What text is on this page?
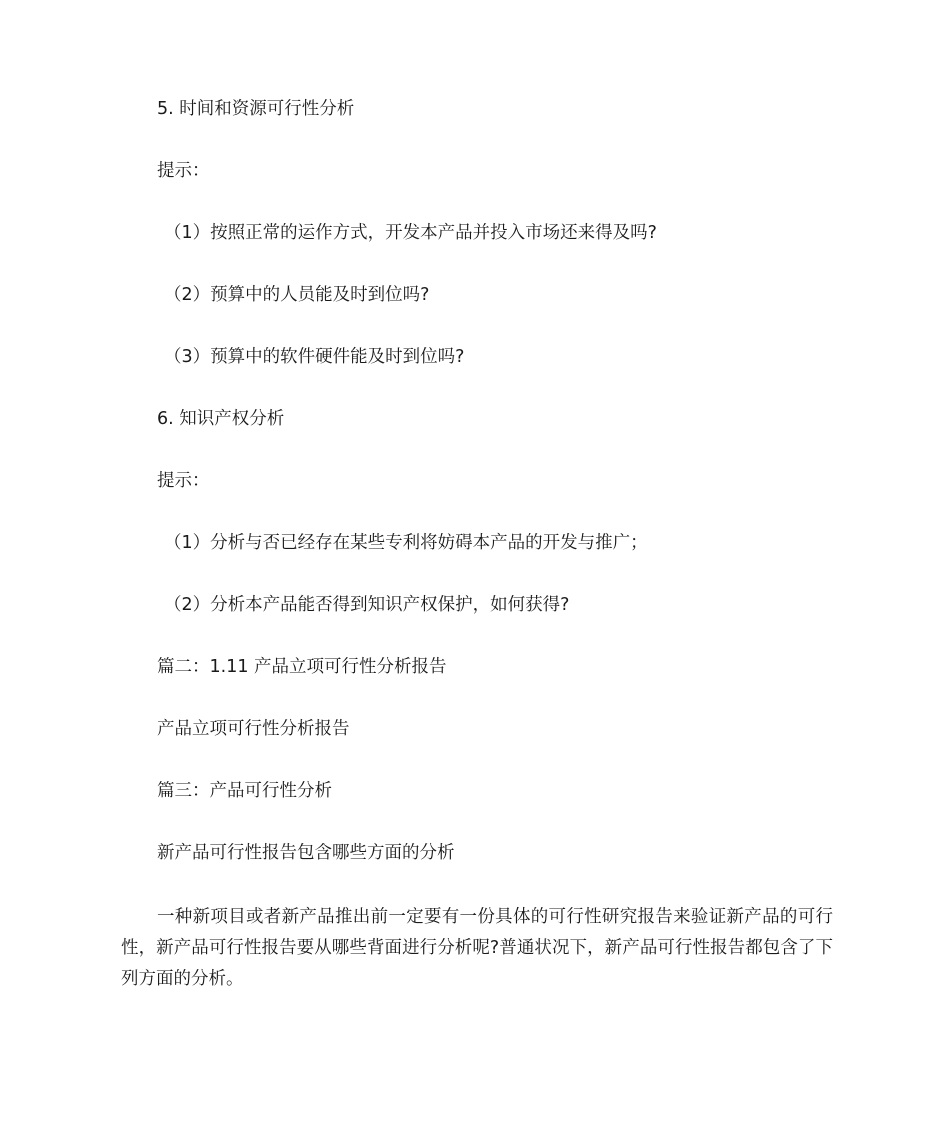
5. 时间和资源可行性分析
提示：
（1）按照正常的运作方式，开发本产品并投入市场还来得及吗?
（2）预算中的人员能及时到位吗?
（3）预算中的软件硬件能及时到位吗?
6. 知识产权分析
提示：
（1）分析与否已经存在某些专利将妨碍本产品的开发与推广；
（2）分析本产品能否得到知识产权保护，如何获得?
篇二：1.11 产品立项可行性分析报告
产品立项可行性分析报告
篇三：产品可行性分析
新产品可行性报告包含哪些方面的分析
一种新项目或者新产品推出前一定要有一份具体的可行性研究报告来验证新产品的可行性，新产品可行性报告要从哪些背面进行分析呢?普通状况下，新产品可行性报告都包含了下列方面的分析。
